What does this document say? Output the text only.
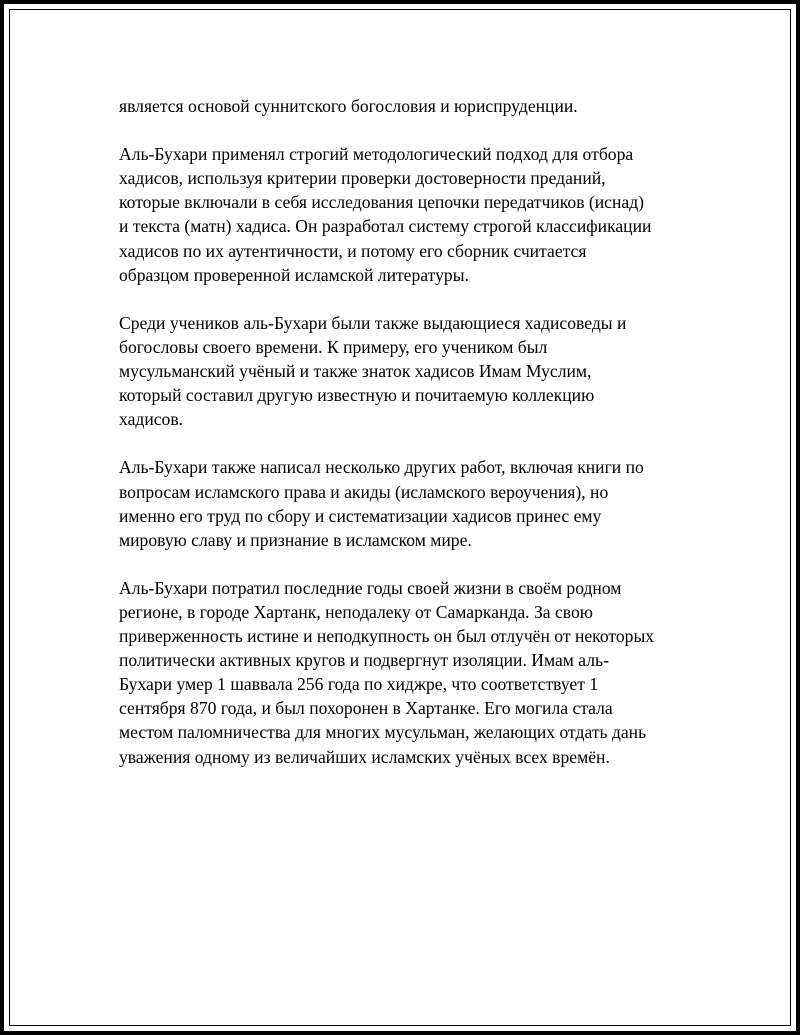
является основой суннитского богословия и юриспруденции.

Аль-Бухари применял строгий методологический подход для отбора
хадисов, используя критерии проверки достоверности преданий,
которые включали в себя исследования цепочки передатчиков (иснад)
и текста (матн) хадиса. Он разработал систему строгой классификации
хадисов по их аутентичности, и потому его сборник считается
образцом проверенной исламской литературы.

Среди учеников аль-Бухари были также выдающиеся хадисоведы и
богословы своего времени. К примеру, его учеником был
мусульманский учёный и также знаток хадисов Имам Муслим,
который составил другую известную и почитаемую коллекцию
хадисов.

Аль-Бухари также написал несколько других работ, включая книги по
вопросам исламского права и акиды (исламского вероучения), но
именно его труд по сбору и систематизации хадисов принес ему
мировую славу и признание в исламском мире.

Аль-Бухари потратил последние годы своей жизни в своём родном
регионе, в городе Хартанк, неподалеку от Самарканда. За свою
приверженность истине и неподкупность он был отлучён от некоторых
политически активных кругов и подвергнут изоляции. Имам аль-
Бухари умер 1 шаввала 256 года по хиджре, что соответствует 1
сентября 870 года, и был похоронен в Хартанке. Его могила стала
местом паломничества для многих мусульман, желающих отдать дань
уважения одному из величайших исламских учёных всех времён.
